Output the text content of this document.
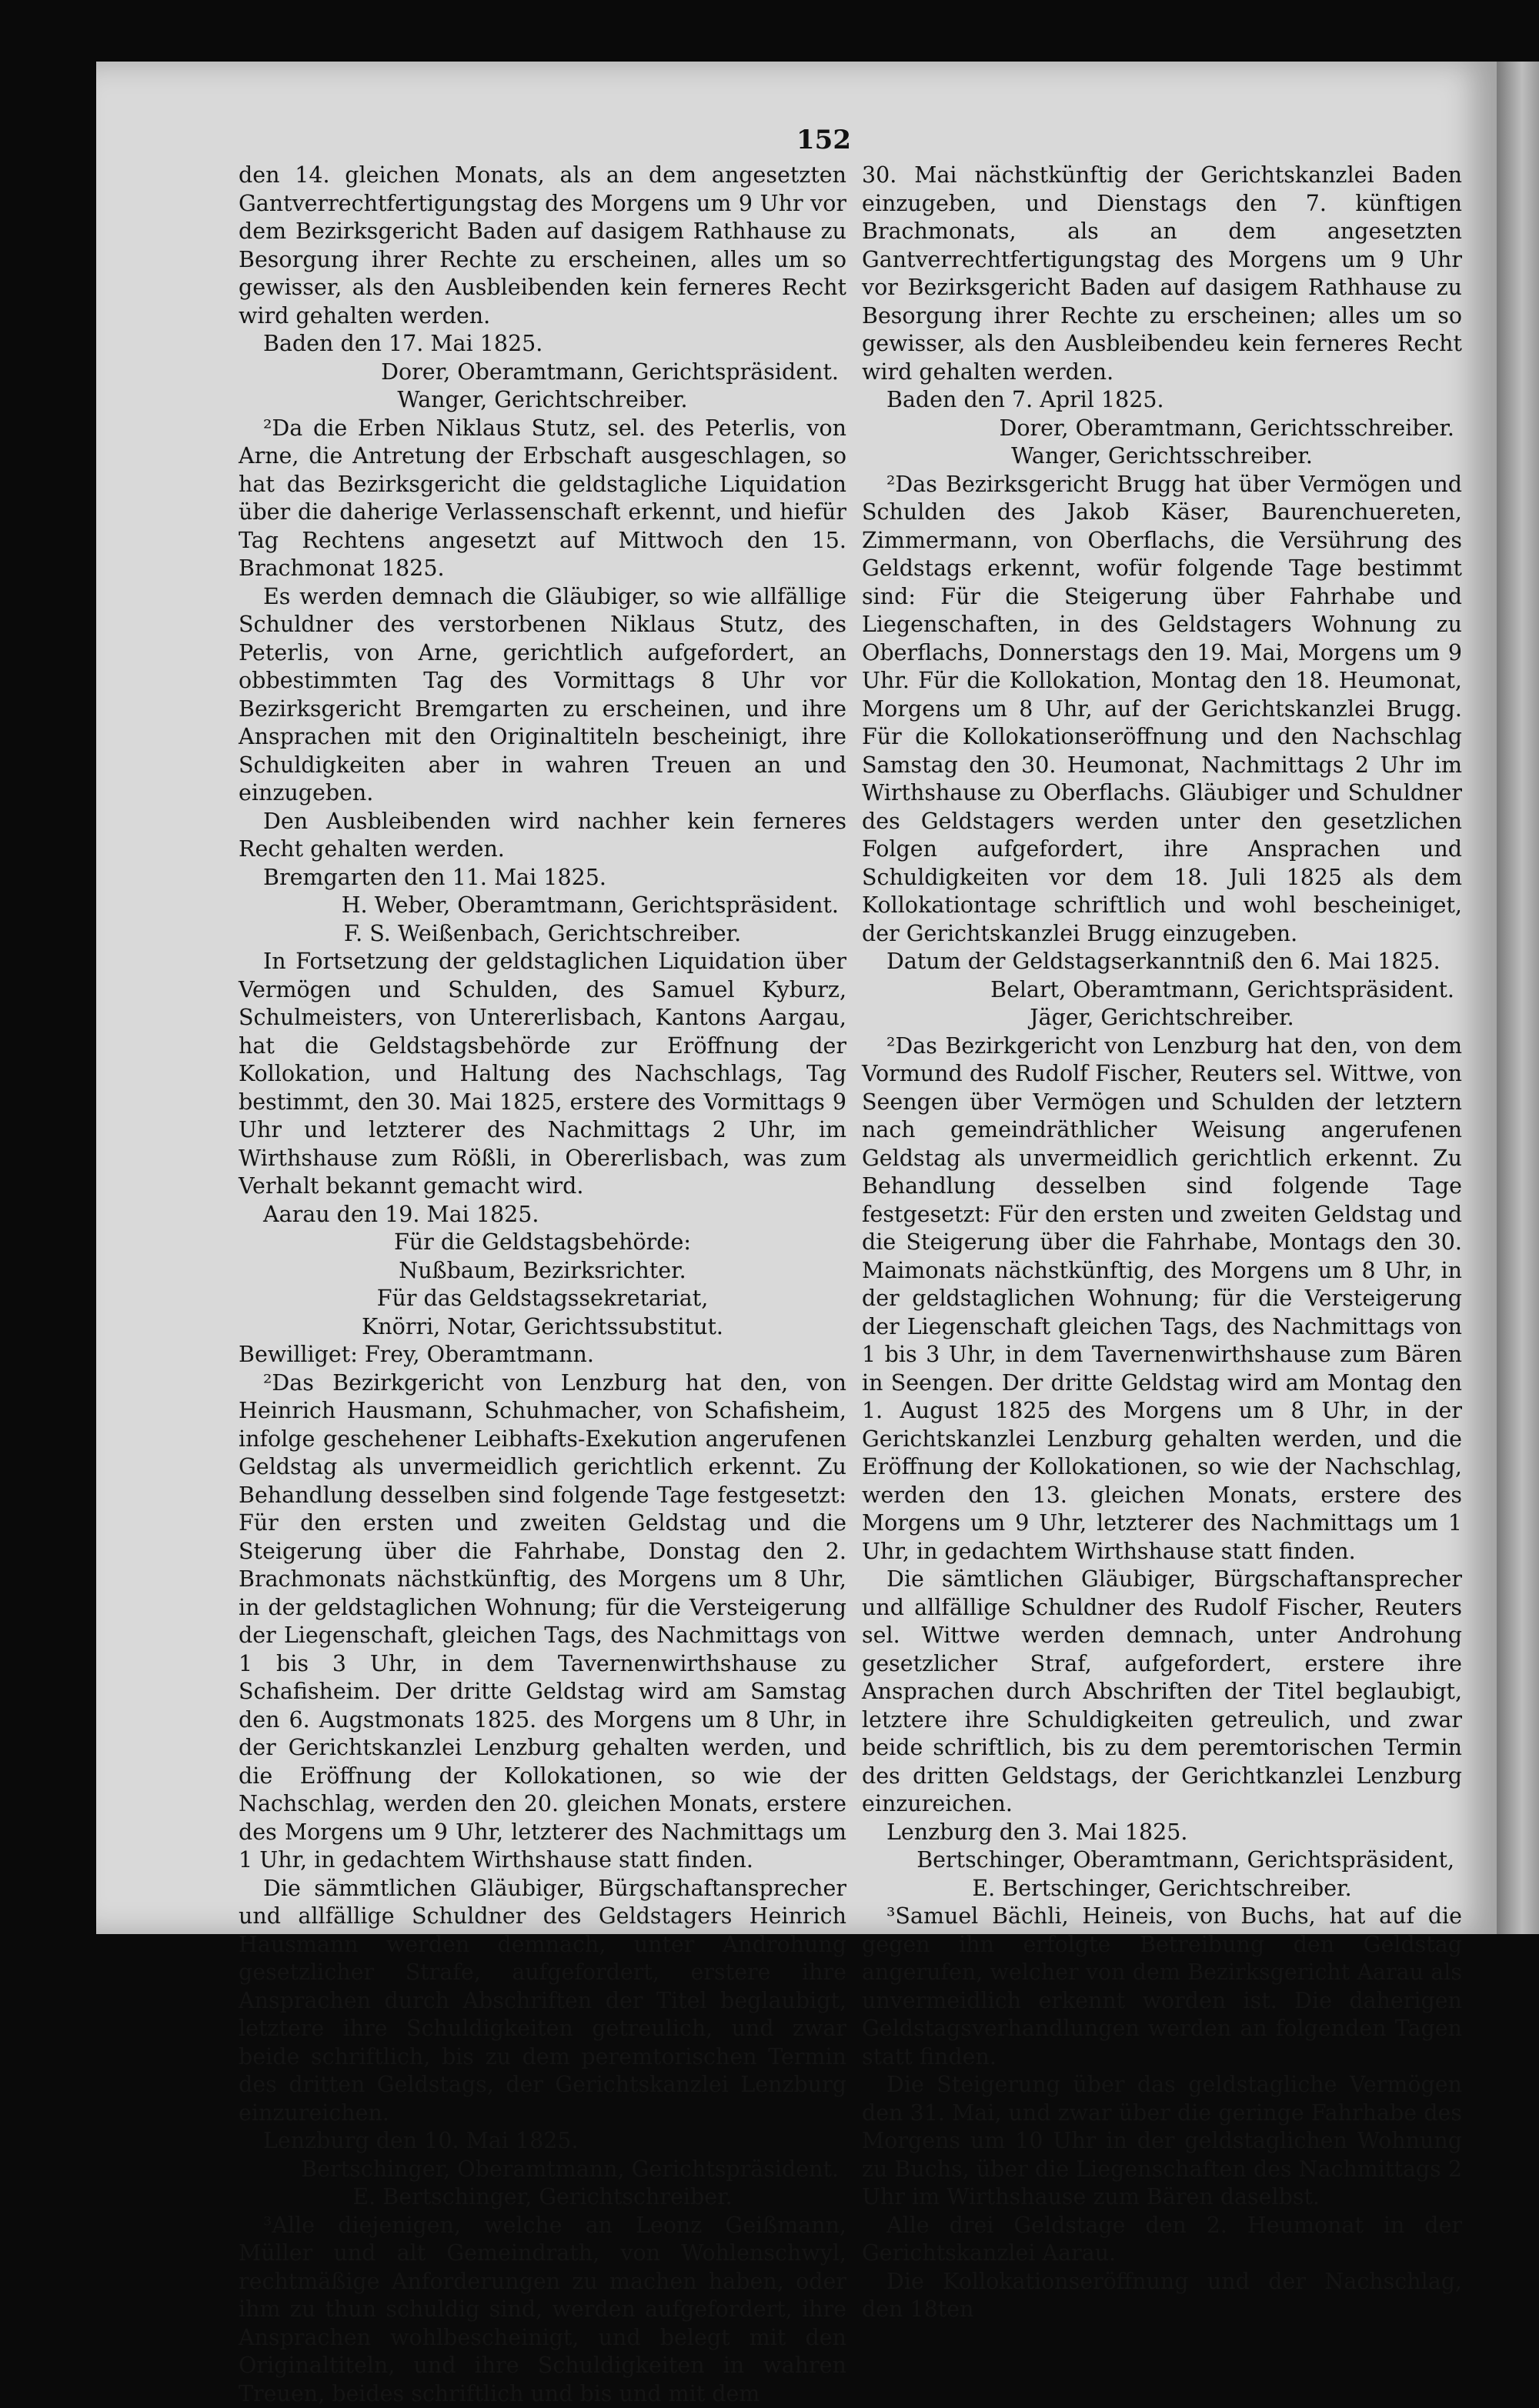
152

den 14. gleichen Monats, als an dem angesetzten Gantverrechtfertigungstag des Morgens um 9 Uhr vor dem Bezirksgericht Baden auf dasigem Rathhause zu Besorgung ihrer Rechte zu erscheinen, alles um so gewisser, als den Ausbleibenden kein ferneres Recht wird gehalten werden.

Baden den 17. Mai 1825.

Dorer, Oberamtmann, Gerichtspräsident.

Wanger, Gerichtschreiber.

²Da die Erben Niklaus Stutz, sel. des Peterlis, von Arne, die Antretung der Erbschaft ausgeschlagen, so hat das Bezirksgericht die geldstagliche Liquidation über die daherige Verlassenschaft erkennt, und hiefür Tag Rechtens angesetzt auf Mittwoch den 15. Brachmonat 1825.

Es werden demnach die Gläubiger, so wie allfällige Schuldner des verstorbenen Niklaus Stutz, des Peterlis, von Arne, gerichtlich aufgefordert, an obbestimmten Tag des Vormittags 8 Uhr vor Bezirksgericht Bremgarten zu erscheinen, und ihre Ansprachen mit den Originaltiteln bescheinigt, ihre Schuldigkeiten aber in wahren Treuen an und einzugeben.

Den Ausbleibenden wird nachher kein ferneres Recht gehalten werden.

Bremgarten den 11. Mai 1825.

H. Weber, Oberamtmann, Gerichtspräsident.

F. S. Weißenbach, Gerichtschreiber.

In Fortsetzung der geldstaglichen Liquidation über Vermögen und Schulden, des Samuel Kyburz, Schulmeisters, von Untererlisbach, Kantons Aargau, hat die Geldstagsbehörde zur Eröffnung der Kollokation, und Haltung des Nachschlags, Tag bestimmt, den 30. Mai 1825, erstere des Vormittags 9 Uhr und letzterer des Nachmittags 2 Uhr, im Wirthshause zum Rößli, in Obererlisbach, was zum Verhalt bekannt gemacht wird.

Aarau den 19. Mai 1825.

Für die Geldstagsbehörde:

Nußbaum, Bezirksrichter.

Für das Geldstagssekretariat,

Knörri, Notar, Gerichtssubstitut.

Bewilliget: Frey, Oberamtmann.

²Das Bezirkgericht von Lenzburg hat den, von Heinrich Hausmann, Schuhmacher, von Schafisheim, infolge geschehener Leibhafts-Exekution angerufenen Geldstag als unvermeidlich gerichtlich erkennt. Zu Behandlung desselben sind folgende Tage festgesetzt: Für den ersten und zweiten Geldstag und die Steigerung über die Fahrhabe, Donstag den 2. Brachmonats nächstkünftig, des Morgens um 8 Uhr, in der geldstaglichen Wohnung; für die Versteigerung der Liegenschaft, gleichen Tags, des Nachmittags von 1 bis 3 Uhr, in dem Tavernenwirthshause zu Schafisheim. Der dritte Geldstag wird am Samstag den 6. Augstmonats 1825. des Morgens um 8 Uhr, in der Gerichtskanzlei Lenzburg gehalten werden, und die Eröffnung der Kollokationen, so wie der Nachschlag, werden den 20. gleichen Monats, erstere des Morgens um 9 Uhr, letzterer des Nachmittags um 1 Uhr, in gedachtem Wirthshause statt finden.

Die sämmtlichen Gläubiger, Bürgschaftansprecher und allfällige Schuldner des Geldstagers Heinrich Hausmann werden demnach, unter Androhung gesetzlicher Strafe, aufgefordert, erstere ihre Ansprachen durch Abschriften der Titel beglaubigt, letztere ihre Schuldigkeiten getreulich, und zwar beide schriftlich, bis zu dem peremtorischen Termin des dritten Geldstags, der Gerichtskanzlei Lenzburg einzureichen.

Lenzburg den 10. Mai 1825.

Bertschinger, Oberamtmann, Gerichtspräsident.

E. Bertschinger, Gerichtschreiber.

³Alle diejenigen, welche an Leonz Geißmann, Müller und alt Gemeindrath, von Wohlenschwyl, rechtmäßige Anforderungen zu machen haben, oder ihm zu thun schuldig sind, werden aufgefordert, ihre Ansprachen wohlbescheinigt, und belegt mit den Originaltiteln, und ihre Schuldigkeiten in wahren Treuen, beides schriftlich und bis und mit dem

30. Mai nächstkünftig der Gerichtskanzlei Baden einzugeben, und Dienstags den 7. künftigen Brachmonats, als an dem angesetzten Gantverrechtfertigungstag des Morgens um 9 Uhr vor Bezirksgericht Baden auf dasigem Rathhause zu Besorgung ihrer Rechte zu erscheinen; alles um so gewisser, als den Ausbleibendeu kein ferneres Recht wird gehalten werden.

Baden den 7. April 1825.

Dorer, Oberamtmann, Gerichtsschreiber.

Wanger, Gerichtsschreiber.

²Das Bezirksgericht Brugg hat über Vermögen und Schulden des Jakob Käser, Baurenchuereten, Zimmermann, von Oberflachs, die Versührung des Geldstags erkennt, wofür folgende Tage bestimmt sind: Für die Steigerung über Fahrhabe und Liegenschaften, in des Geldstagers Wohnung zu Oberflachs, Donnerstags den 19. Mai, Morgens um 9 Uhr. Für die Kollokation, Montag den 18. Heumonat, Morgens um 8 Uhr, auf der Gerichtskanzlei Brugg. Für die Kollokationseröffnung und den Nachschlag Samstag den 30. Heumonat, Nachmittags 2 Uhr im Wirthshause zu Oberflachs. Gläubiger und Schuldner des Geldstagers werden unter den gesetzlichen Folgen aufgefordert, ihre Ansprachen und Schuldigkeiten vor dem 18. Juli 1825 als dem Kollokationtage schriftlich und wohl bescheiniget, der Gerichtskanzlei Brugg einzugeben.

Datum der Geldstagserkanntniß den 6. Mai 1825.

Belart, Oberamtmann, Gerichtspräsident.

Jäger, Gerichtschreiber.

²Das Bezirkgericht von Lenzburg hat den, von dem Vormund des Rudolf Fischer, Reuters sel. Wittwe, von Seengen über Vermögen und Schulden der letztern nach gemeindräthlicher Weisung angerufenen Geldstag als unvermeidlich gerichtlich erkennt. Zu Behandlung desselben sind folgende Tage festgesetzt: Für den ersten und zweiten Geldstag und die Steigerung über die Fahrhabe, Montags den 30. Maimonats nächstkünftig, des Morgens um 8 Uhr, in der geldstaglichen Wohnung; für die Versteigerung der Liegenschaft gleichen Tags, des Nachmittags von 1 bis 3 Uhr, in dem Tavernenwirthshause zum Bären in Seengen. Der dritte Geldstag wird am Montag den 1. August 1825 des Morgens um 8 Uhr, in der Gerichtskanzlei Lenzburg gehalten werden, und die Eröffnung der Kollokationen, so wie der Nachschlag, werden den 13. gleichen Monats, erstere des Morgens um 9 Uhr, letzterer des Nachmittags um 1 Uhr, in gedachtem Wirthshause statt finden.

Die sämtlichen Gläubiger, Bürgschaftansprecher und allfällige Schuldner des Rudolf Fischer, Reuters sel. Wittwe werden demnach, unter Androhung gesetzlicher Straf, aufgefordert, erstere ihre Ansprachen durch Abschriften der Titel beglaubigt, letztere ihre Schuldigkeiten getreulich, und zwar beide schriftlich, bis zu dem peremtorischen Termin des dritten Geldstags, der Gerichtkanzlei Lenzburg einzureichen.

Lenzburg den 3. Mai 1825.

Bertschinger, Oberamtmann, Gerichtspräsident,

E. Bertschinger, Gerichtschreiber.

³Samuel Bächli, Heineis, von Buchs, hat auf die gegen ihn erfolgte Betreibung den Geldstag angerufen, welcher von dem Bezirksgericht Aarau als unvermeidlich erkennt worden ist. Die daherigen Geldstagsverhandlungen werden an folgenden Tagen statt finden.

Die Steigerung über das geldstagliche Vermögen den 31. Mai, und zwar über die geringe Fahrhabe des Morgens um 10 Uhr in der geldstaglichen Wohnung zu Buchs, über die Liegenschaften des Nachmittags 2 Uhr im Wirthshause zum Bären daselbst.

Alle drei Geldstage den 2. Heumonat in der Gerichtskanzlei Aarau.

Die Kollokationseröffnung und der Nachschlag, den 18ten
